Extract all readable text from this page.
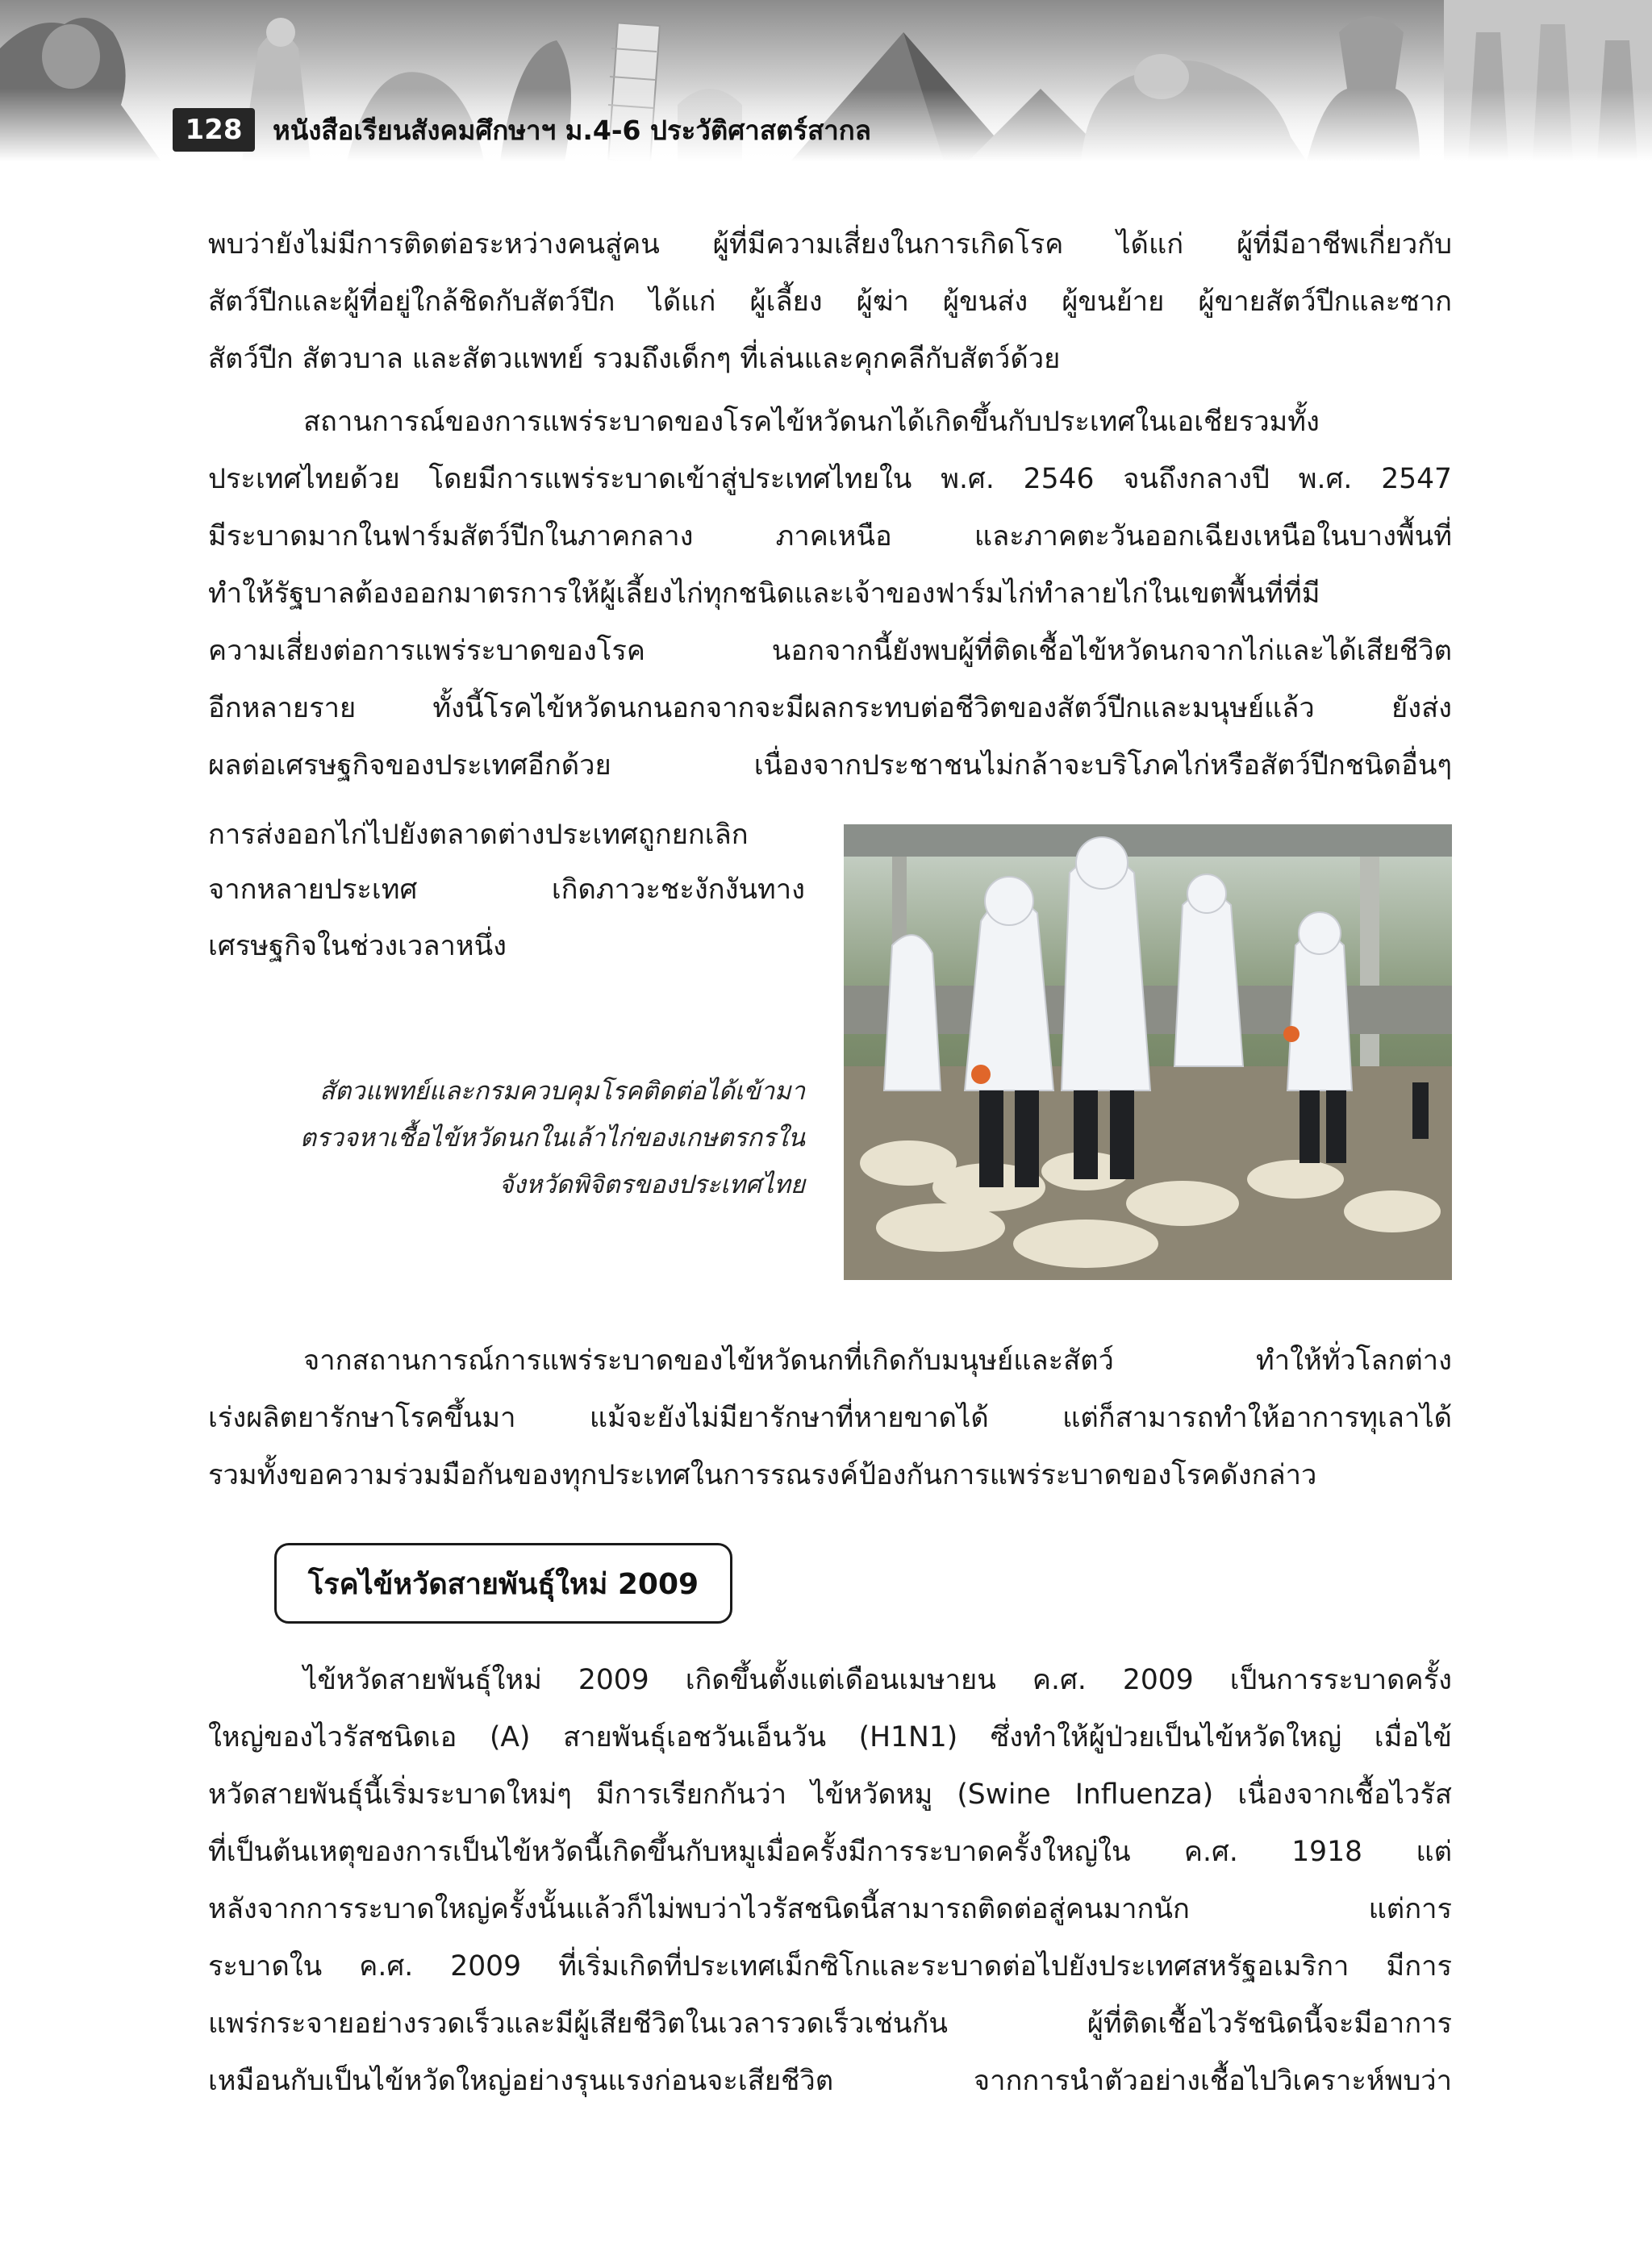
128	หนังสือเรียนสังคมศึกษาฯ ม.4-6 ประวัติศาสตร์สากล

พบว่ายังไม่มีการติดต่อระหว่างคนสู่คน ผู้ที่มีความเสี่ยงในการเกิดโรค ได้แก่ ผู้ที่มีอาชีพเกี่ยวกับ

สัตว์ปีกและผู้ที่อยู่ใกล้ชิดกับสัตว์ปีก ได้แก่ ผู้เลี้ยง ผู้ฆ่า ผู้ขนส่ง ผู้ขนย้าย ผู้ขายสัตว์ปีกและซาก

สัตว์ปีก สัตวบาล และสัตวแพทย์ รวมถึงเด็กๆ ที่เล่นและคุกคลีกับสัตว์ด้วย

สถานการณ์ของการแพร่ระบาดของโรคไข้หวัดนกได้เกิดขึ้นกับประเทศในเอเชียรวมทั้ง

ประเทศไทยด้วย โดยมีการแพร่ระบาดเข้าสู่ประเทศไทยใน พ.ศ. 2546 จนถึงกลางปี พ.ศ. 2547

มีระบาดมากในฟาร์มสัตว์ปีกในภาคกลาง ภาคเหนือ และภาคตะวันออกเฉียงเหนือในบางพื้นที่

ทำให้รัฐบาลต้องออกมาตรการให้ผู้เลี้ยงไก่ทุกชนิดและเจ้าของฟาร์มไก่ทำลายไก่ในเขตพื้นที่ที่มี

ความเสี่ยงต่อการแพร่ระบาดของโรค นอกจากนี้ยังพบผู้ที่ติดเชื้อไข้หวัดนกจากไก่และได้เสียชีวิต

อีกหลายราย ทั้งนี้โรคไข้หวัดนกนอกจากจะมีผลกระทบต่อชีวิตของสัตว์ปีกและมนุษย์แล้ว ยังส่ง

ผลต่อเศรษฐกิจของประเทศอีกด้วย เนื่องจากประชาชนไม่กล้าจะบริโภคไก่หรือสัตว์ปีกชนิดอื่นๆ

การส่งออกไก่ไปยังตลาดต่างประเทศถูกยกเลิก

จากหลายประเทศ เกิดภาวะชะงักงันทาง

เศรษฐกิจในช่วงเวลาหนึ่ง

สัตวแพทย์และกรมควบคุมโรคติดต่อได้เข้ามา

ตรวจหาเชื้อไข้หวัดนกในเล้าไก่ของเกษตรกรใน

จังหวัดพิจิตรของประเทศไทย

จากสถานการณ์การแพร่ระบาดของไข้หวัดนกที่เกิดกับมนุษย์และสัตว์ ทำให้ทั่วโลกต่าง

เร่งผลิตยารักษาโรคขึ้นมา แม้จะยังไม่มียารักษาที่หายขาดได้ แต่ก็สามารถทำให้อาการทุเลาได้

รวมทั้งขอความร่วมมือกันของทุกประเทศในการรณรงค์ป้องกันการแพร่ระบาดของโรคดังกล่าว

โรคไข้หวัดสายพันธุ์ใหม่ 2009

ไข้หวัดสายพันธุ์ใหม่ 2009 เกิดขึ้นตั้งแต่เดือนเมษายน ค.ศ. 2009 เป็นการระบาดครั้ง

ใหญ่ของไวรัสชนิดเอ (A) สายพันธุ์เอชวันเอ็นวัน (H1N1) ซึ่งทำให้ผู้ป่วยเป็นไข้หวัดใหญ่ เมื่อไข้

หวัดสายพันธุ์นี้เริ่มระบาดใหม่ๆ มีการเรียกกันว่า ไข้หวัดหมู (Swine Influenza) เนื่องจากเชื้อไวรัส

ที่เป็นต้นเหตุของการเป็นไข้หวัดนี้เกิดขึ้นกับหมูเมื่อครั้งมีการระบาดครั้งใหญ่ใน ค.ศ. 1918 แต่

หลังจากการระบาดใหญ่ครั้งนั้นแล้วก็ไม่พบว่าไวรัสชนิดนี้สามารถติดต่อสู่คนมากนัก แต่การ

ระบาดใน ค.ศ. 2009 ที่เริ่มเกิดที่ประเทศเม็กซิโกและระบาดต่อไปยังประเทศสหรัฐอเมริกา มีการ

แพร่กระจายอย่างรวดเร็วและมีผู้เสียชีวิตในเวลารวดเร็วเช่นกัน ผู้ที่ติดเชื้อไวรัชนิดนี้จะมีอาการ

เหมือนกับเป็นไข้หวัดใหญ่อย่างรุนแรงก่อนจะเสียชีวิต จากการนำตัวอย่างเชื้อไปวิเคราะห์พบว่า
